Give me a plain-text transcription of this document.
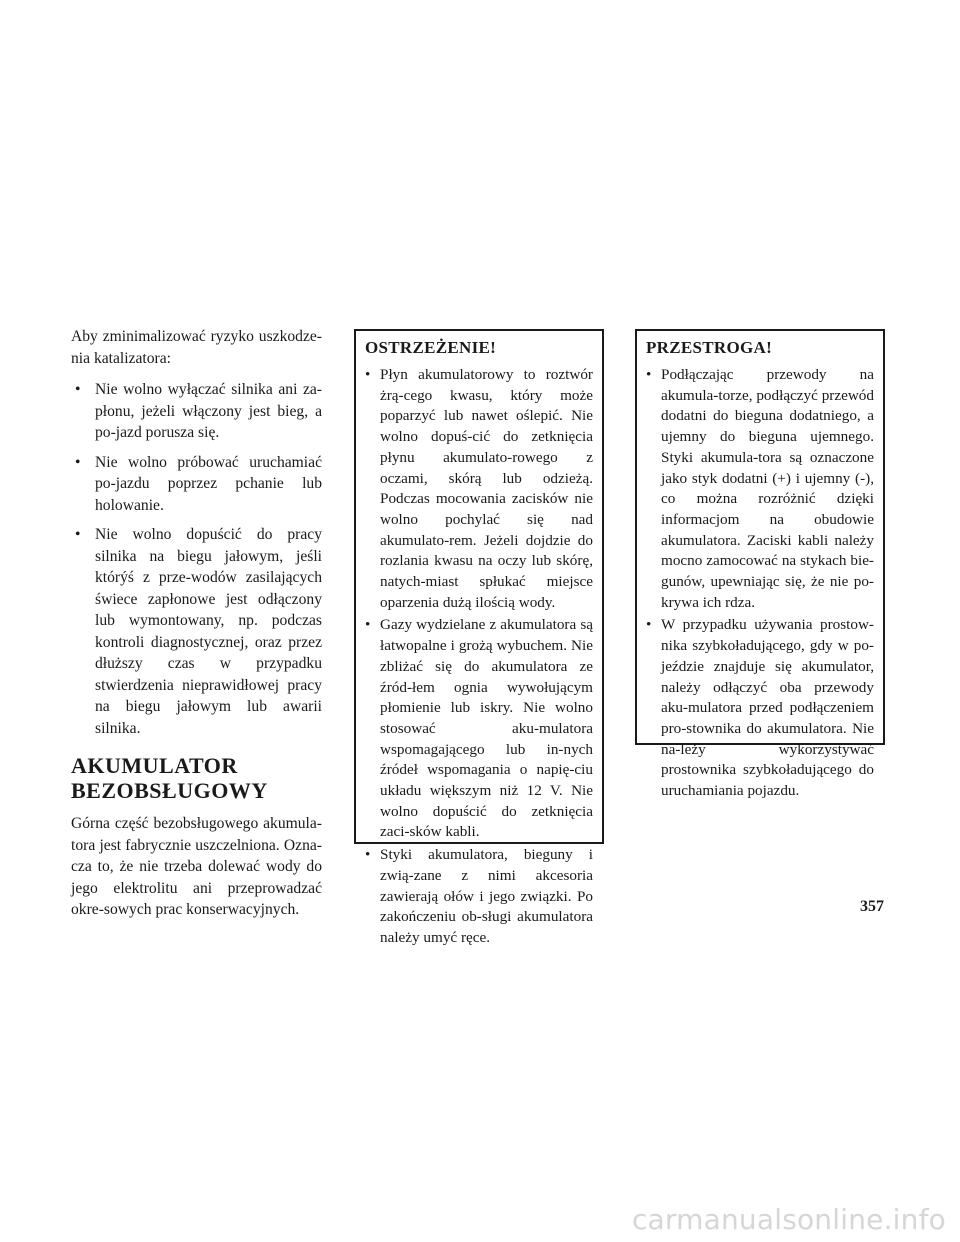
Aby zminimalizować ryzyko uszkodze-nia katalizatora:

• Nie wolno wyłączać silnika ani za-płonu, jeżeli włączony jest bieg, a po-jazd porusza się.
• Nie wolno próbować uruchamiać po-jazdu poprzez pchanie lub holowanie.
• Nie wolno dopuścić do pracy silnika na biegu jałowym, jeśli którýś z prze-wodów zasilających świece zapłonowe jest odłączony lub wymontowany, np. podczas kontroli diagnostycznej, oraz przez dłuższy czas w przypadku stwierdzenia nieprawidłowej pracy na biegu jałowym lub awarii silnika.
AKUMULATOR
BEZOBSŁUGOWY

Górna część bezobsługowego akumula-tora jest fabrycznie uszczelniona. Ozna-cza to, że nie trzeba dolewać wody do jego elektrolitu ani przeprowadzać okre-sowych prac konserwacyjnych.

OSTRZEŻENIE!
• Płyn akumulatorowy to roztwór żrą-cego kwasu, który może poparzyć lub nawet oślepić. Nie wolno dopuś-cić do zetknięcia płynu akumulato-rowego z oczami, skórą lub odzieżą. Podczas mocowania zacisków nie wolno pochylać się nad akumulato-rem. Jeżeli dojdzie do rozlania kwasu na oczy lub skórę, natych-miast spłukać miejsce oparzenia dużą ilością wody.
• Gazy wydzielane z akumulatora są łatwopalne i grożą wybuchem. Nie zbliżać się do akumulatora ze źród-łem ognia wywołującym płomienie lub iskry. Nie wolno stosować aku-mulatora wspomagającego lub in-nych źródeł wspomagania o napię-ciu układu większym niż 12 V. Nie wolno dopuścić do zetknięcia zaci-sków kabli.
• Styki akumulatora, bieguny i zwią-zane z nimi akcesoria zawierają ołów i jego związki. Po zakończeniu ob-sługi akumulatora należy umyć ręce.
PRZESTROGA!
• Podłączając przewody na akumula-torze, podłączyć przewód dodatni do bieguna dodatniego, a ujemny do bieguna ujemnego. Styki akumula-tora są oznaczone jako styk dodatni (+) i ujemny (-), co można rozróżnić dzięki informacjom na obudowie akumulatora. Zaciski kabli należy mocno zamocować na stykach bie-gunów, upewniając się, że nie po-krywa ich rdza.
• W przypadku używania prostow-nika szybkoładującego, gdy w po-jeździe znajduje się akumulator, należy odłączyć oba przewody aku-mulatora przed podłączeniem pro-stownika do akumulatora. Nie na-leży wykorzystywać prostownika szybkoładującego do uruchamiania pojazdu.
357
carmanualsonline.info
